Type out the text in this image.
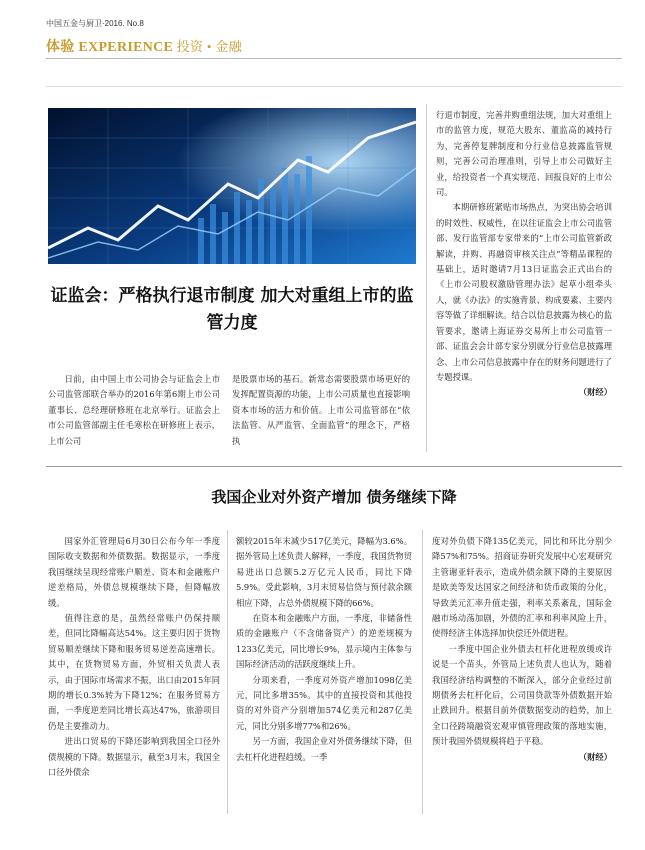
中国五金与厨卫·2016. No.8
体验 EXPERIENCE 投资 • 金融
证监会：严格执行退市制度 加大对重组上市的监管力度

日前，由中国上市公司协会与证监会上市公司监管部联合举办的2016年第6期上市公司董事长、总经理研修班在北京举行。证监会上市公司监管部副主任毛寒松在研修班上表示，上市公司

是股票市场的基石。新常态需要股票市场更好的发挥配置资源的功能，上市公司质量也直接影响资本市场的活力和价值。上市公司监管部在“依法监管、从严监管、全面监管”的理念下，严格执

行退市制度，完善并购重组法规，加大对重组上市的监管力度，规范大股东、董监高的减持行为，完善停复牌制度和分行业信息披露监管规则，完善公司治理准则，引导上市公司做好主业，给投资者一个真实规范、回报良好的上市公司。

本期研修班紧贴市场热点，为突出协会培训的时效性、权威性，在以往证监会上市公司监管部、发行监管部专家带来的“上市公司监管新政解读，并购、再融资审核关注点”等精品课程的基础上，适时邀请7月13日证监会正式出台的《上市公司股权激励管理办法》起草小组牵头人，就《办法》的实施背景、构成要素、主要内容等做了详细解读。结合以信息披露为核心的监管要求，邀请上海证券交易所上市公司监管一部、证监会会计部专家分别就分行业信息披露理念、上市公司信息披露中存在的财务问题进行了专题授课。

（财经）

我国企业对外资产增加 债务继续下降

国家外汇管理局6月30日公布今年一季度国际收支数据和外债数据。数据显示，一季度我国继续呈现经常账户顺差、资本和金融账户逆差格局，外债总规模继续下降，但降幅放缓。

值得注意的是，虽然经常账户仍保持顺差，但同比降幅高达54%。这主要归因于货物贸易顺差继续下降和服务贸易逆差高速增长。其中，在货物贸易方面，外贸相关负责人表示，由于国际市场需求不振，出口由2015年同期的增长0.3%转为下降12%；在服务贸易方面，一季度逆差同比增长高达47%，旅游项目仍是主要推动力。

进出口贸易的下降还影响到我国全口径外债规模的下降。数据显示，截至3月末，我国全口径外债余

额较2015年末减少517亿美元，降幅为3.6%。据外管局上述负责人解释，一季度，我国货物贸易进出口总额5.2万亿元人民币，同比下降5.9%。受此影响，3月末贸易信贷与预付款余额相应下降，占总外债规模下降的66%。

在资本和金融账户方面，一季度，非储备性质的金融账户（不含储备资产）的逆差规模为1233亿美元，同比增长9%，显示境内主体参与国际经济活动的活跃度继续上升。

分项来看，一季度对外资产增加1098亿美元，同比多增35%。其中的直接投资和其他投资的对外资产分别增加574亿美元和287亿美元，同比分别多增77%和26%。

另一方面，我国企业对外债务继续下降，但去杠杆化进程趋缓。一季

度对外负债下降135亿美元，同比和环比分别少降57%和75%。招商证券研究发展中心宏观研究主管谢亚轩表示，造成外债余额下降的主要原因是欧美等发达国家之间经济和货币政策的分化，导致美元汇率升值走强，利率关系紊乱，国际金融市场动荡加剧，外债的汇率和利率风险上升，使得经济主体选择加快偿还外债进程。

一季度中国企业外债去杠杆化进程放缓或许说是一个苗头，外管局上述负责人也认为，随着我国经济结构调整的不断深入，部分企业经过前期债务去杠杆化后，公司国贷款等外债数据开始止跌回升。根据目前外债数据变动的趋势，加上全口径跨境融资宏观审慎管理政策的落地实施，预计我国外债规模将趋于平稳。

（财经）
